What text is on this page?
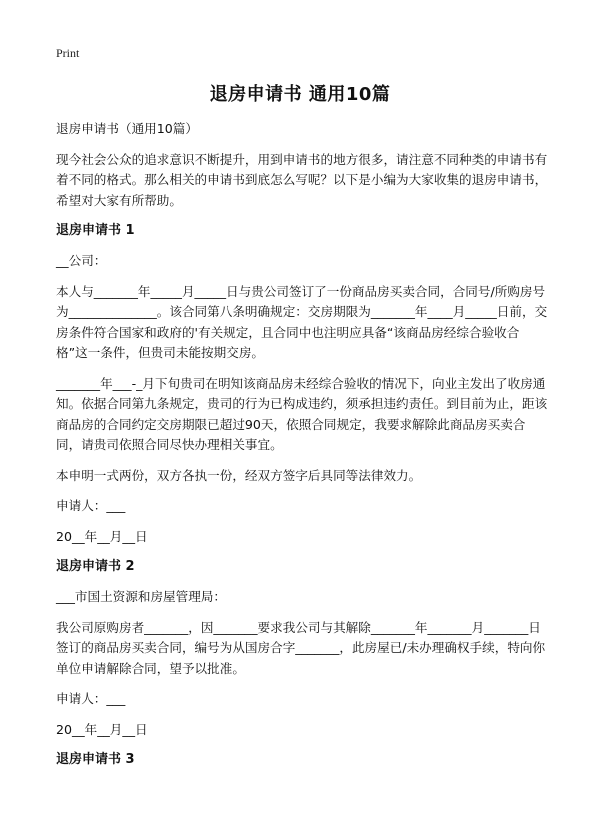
Print
退房申请书 通用10篇

退房申请书（通用10篇）

现今社会公众的追求意识不断提升，用到申请书的地方很多，请注意不同种类的申请书有着不同的格式。那么相关的申请书到底怎么写呢？以下是小编为大家收集的退房申请书，希望对大家有所帮助。

退房申请书 1

__公司：

本人与_______年_____月_____日与贵公司签订了一份商品房买卖合同，合同号/所购房号为______________。该合同第八条明确规定：交房期限为_______年____月_____日前，交房条件符合国家和政府的'有关规定，且合同中也注明应具备“该商品房经综合验收合格”这一条件，但贵司未能按期交房。

_______年___-_月下旬贵司在明知该商品房未经综合验收的情况下，向业主发出了收房通知。依据合同第九条规定，贵司的行为已构成违约，须承担违约责任。到目前为止，距该商品房的合同约定交房期限已超过90天，依照合同规定，我要求解除此商品房买卖合同，请贵司依照合同尽快办理相关事宜。

本申明一式两份，双方各执一份，经双方签字后具同等法律效力。

申请人：___

20__年__月__日

退房申请书 2

___市国土资源和房屋管理局：

我公司原购房者_______，因_______要求我公司与其解除_______年_______月_______日签订的商品房买卖合同，编号为从国房合字_______，此房屋已/未办理确权手续，特向你单位申请解除合同，望予以批准。

申请人：___

20__年__月__日

退房申请书 3
